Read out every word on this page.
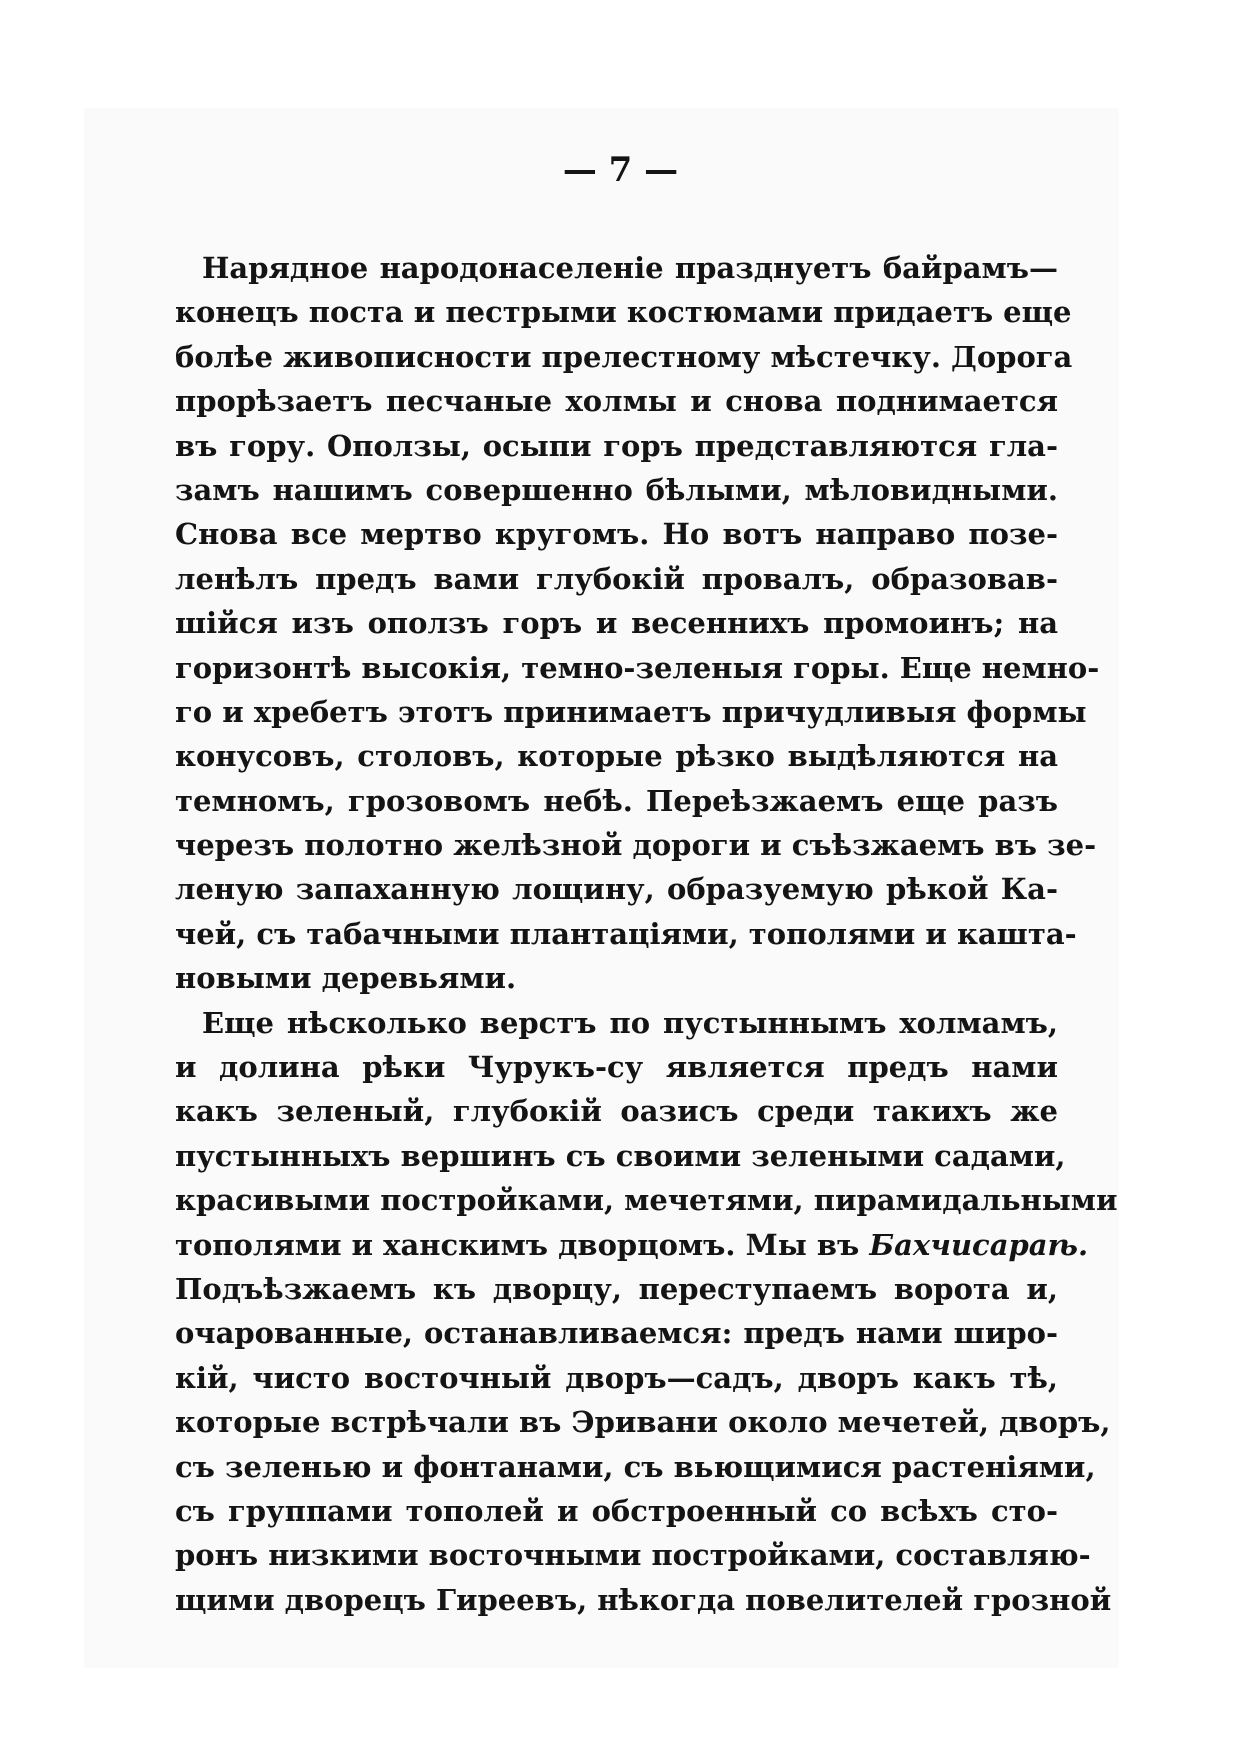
— 7 —
Нарядное народонаселеніе празднуетъ байрамъ—
конецъ поста и пестрыми костюмами придаетъ еще
болѣе живописности прелестному мѣстечку. Дорога
прорѣзаетъ песчаные холмы и снова поднимается
въ гору. Оползы, осыпи горъ представляются гла-
замъ нашимъ совершенно бѣлыми, мѣловидными.
Снова все мертво кругомъ. Но вотъ направо позе-
ленѣлъ предъ вами глубокій провалъ, образовав-
шійся изъ оползъ горъ и весеннихъ промоинъ; на
горизонтѣ высокія, темно-зеленыя горы. Еще немно-
го и хребетъ этотъ принимаетъ причудливыя формы
конусовъ, столовъ, которые рѣзко выдѣляются на
темномъ, грозовомъ небѣ. Переѣзжаемъ еще разъ
черезъ полотно желѣзной дороги и съѣзжаемъ въ зе-
леную запаханную лощину, образуемую рѣкой Ка-
чей, съ табачными плантаціями, тополями и кашта-
новыми деревьями.
Еще нѣсколько верстъ по пустыннымъ холмамъ,
и долина рѣки Чурукъ-су является предъ нами
какъ зеленый, глубокій оазисъ среди такихъ же
пустынныхъ вершинъ съ своими зелеными садами,
красивыми постройками, мечетями, пирамидальными
тополями и ханскимъ дворцомъ. Мы въ Бахчисараѣ.
Подъѣзжаемъ къ дворцу, переступаемъ ворота и,
очарованные, останавливаемся: предъ нами широ-
кій, чисто восточный дворъ—садъ, дворъ какъ тѣ,
которые встрѣчали въ Эривани около мечетей, дворъ,
съ зеленью и фонтанами, съ вьющимися растеніями,
съ группами тополей и обстроенный со всѣхъ сто-
ронъ низкими восточными постройками, составляю-
щими дворецъ Гиреевъ, нѣкогда повелителей грозной
